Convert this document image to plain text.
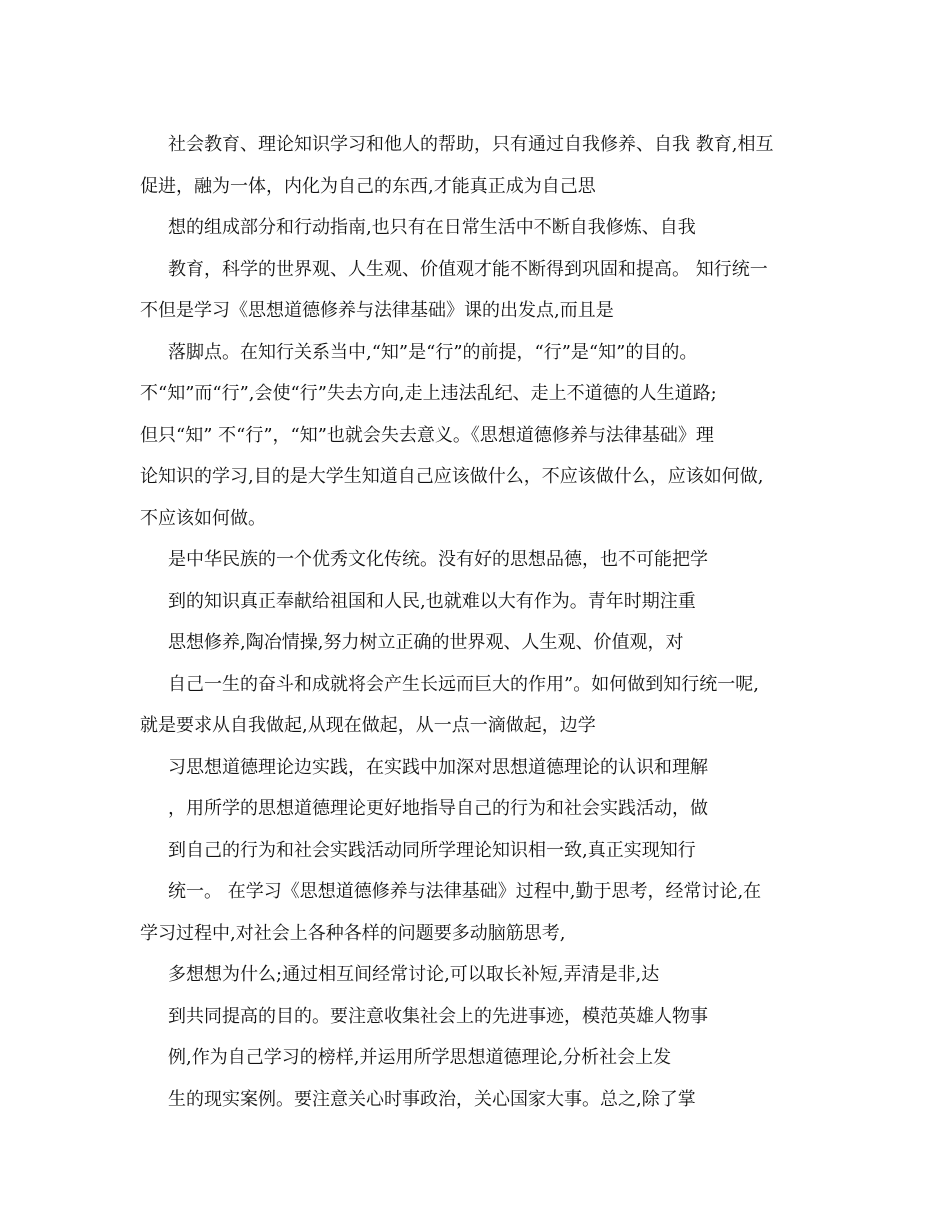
社会教育、理论知识学习和他人的帮助，只有通过自我修养、自我 教育,相互

促进，融为一体，内化为自己的东西,才能真正成为自己思

想的组成部分和行动指南,也只有在日常生活中不断自我修炼、自我

教育，科学的世界观、人生观、价值观才能不断得到巩固和提高。 知行统一

不但是学习《思想道德修养与法律基础》课的出发点,而且是

落脚点。在知行关系当中,“知”是“行”的前提，“行”是“知”的目的。

不“知”而“行”,会使“行”失去方向,走上违法乱纪、走上不道德的人生道路;

但只“知” 不“行”，“知”也就会失去意义。《思想道德修养与法律基础》理

论知识的学习,目的是大学生知道自己应该做什么，不应该做什么，应该如何做,

不应该如何做。

是中华民族的一个优秀文化传统。没有好的思想品德，也不可能把学

到的知识真正奉献给祖国和人民,也就难以大有作为。青年时期注重

思想修养,陶冶情操,努力树立正确的世界观、人生观、价值观，对

自己一生的奋斗和成就将会产生长远而巨大的作用”。如何做到知行统一呢,

就是要求从自我做起,从现在做起，从一点一滴做起，边学

习思想道德理论边实践，在实践中加深对思想道德理论的认识和理解

，用所学的思想道德理论更好地指导自己的行为和社会实践活动，做

到自己的行为和社会实践活动同所学理论知识相一致,真正实现知行

统一。 在学习《思想道德修养与法律基础》过程中,勤于思考，经常讨论,在

学习过程中,对社会上各种各样的问题要多动脑筋思考,

多想想为什么;通过相互间经常讨论,可以取长补短,弄清是非,达

到共同提高的目的。要注意收集社会上的先进事迹，模范英雄人物事

例,作为自己学习的榜样,并运用所学思想道德理论,分析社会上发

生的现实案例。要注意关心时事政治，关心国家大事。总之,除了掌
